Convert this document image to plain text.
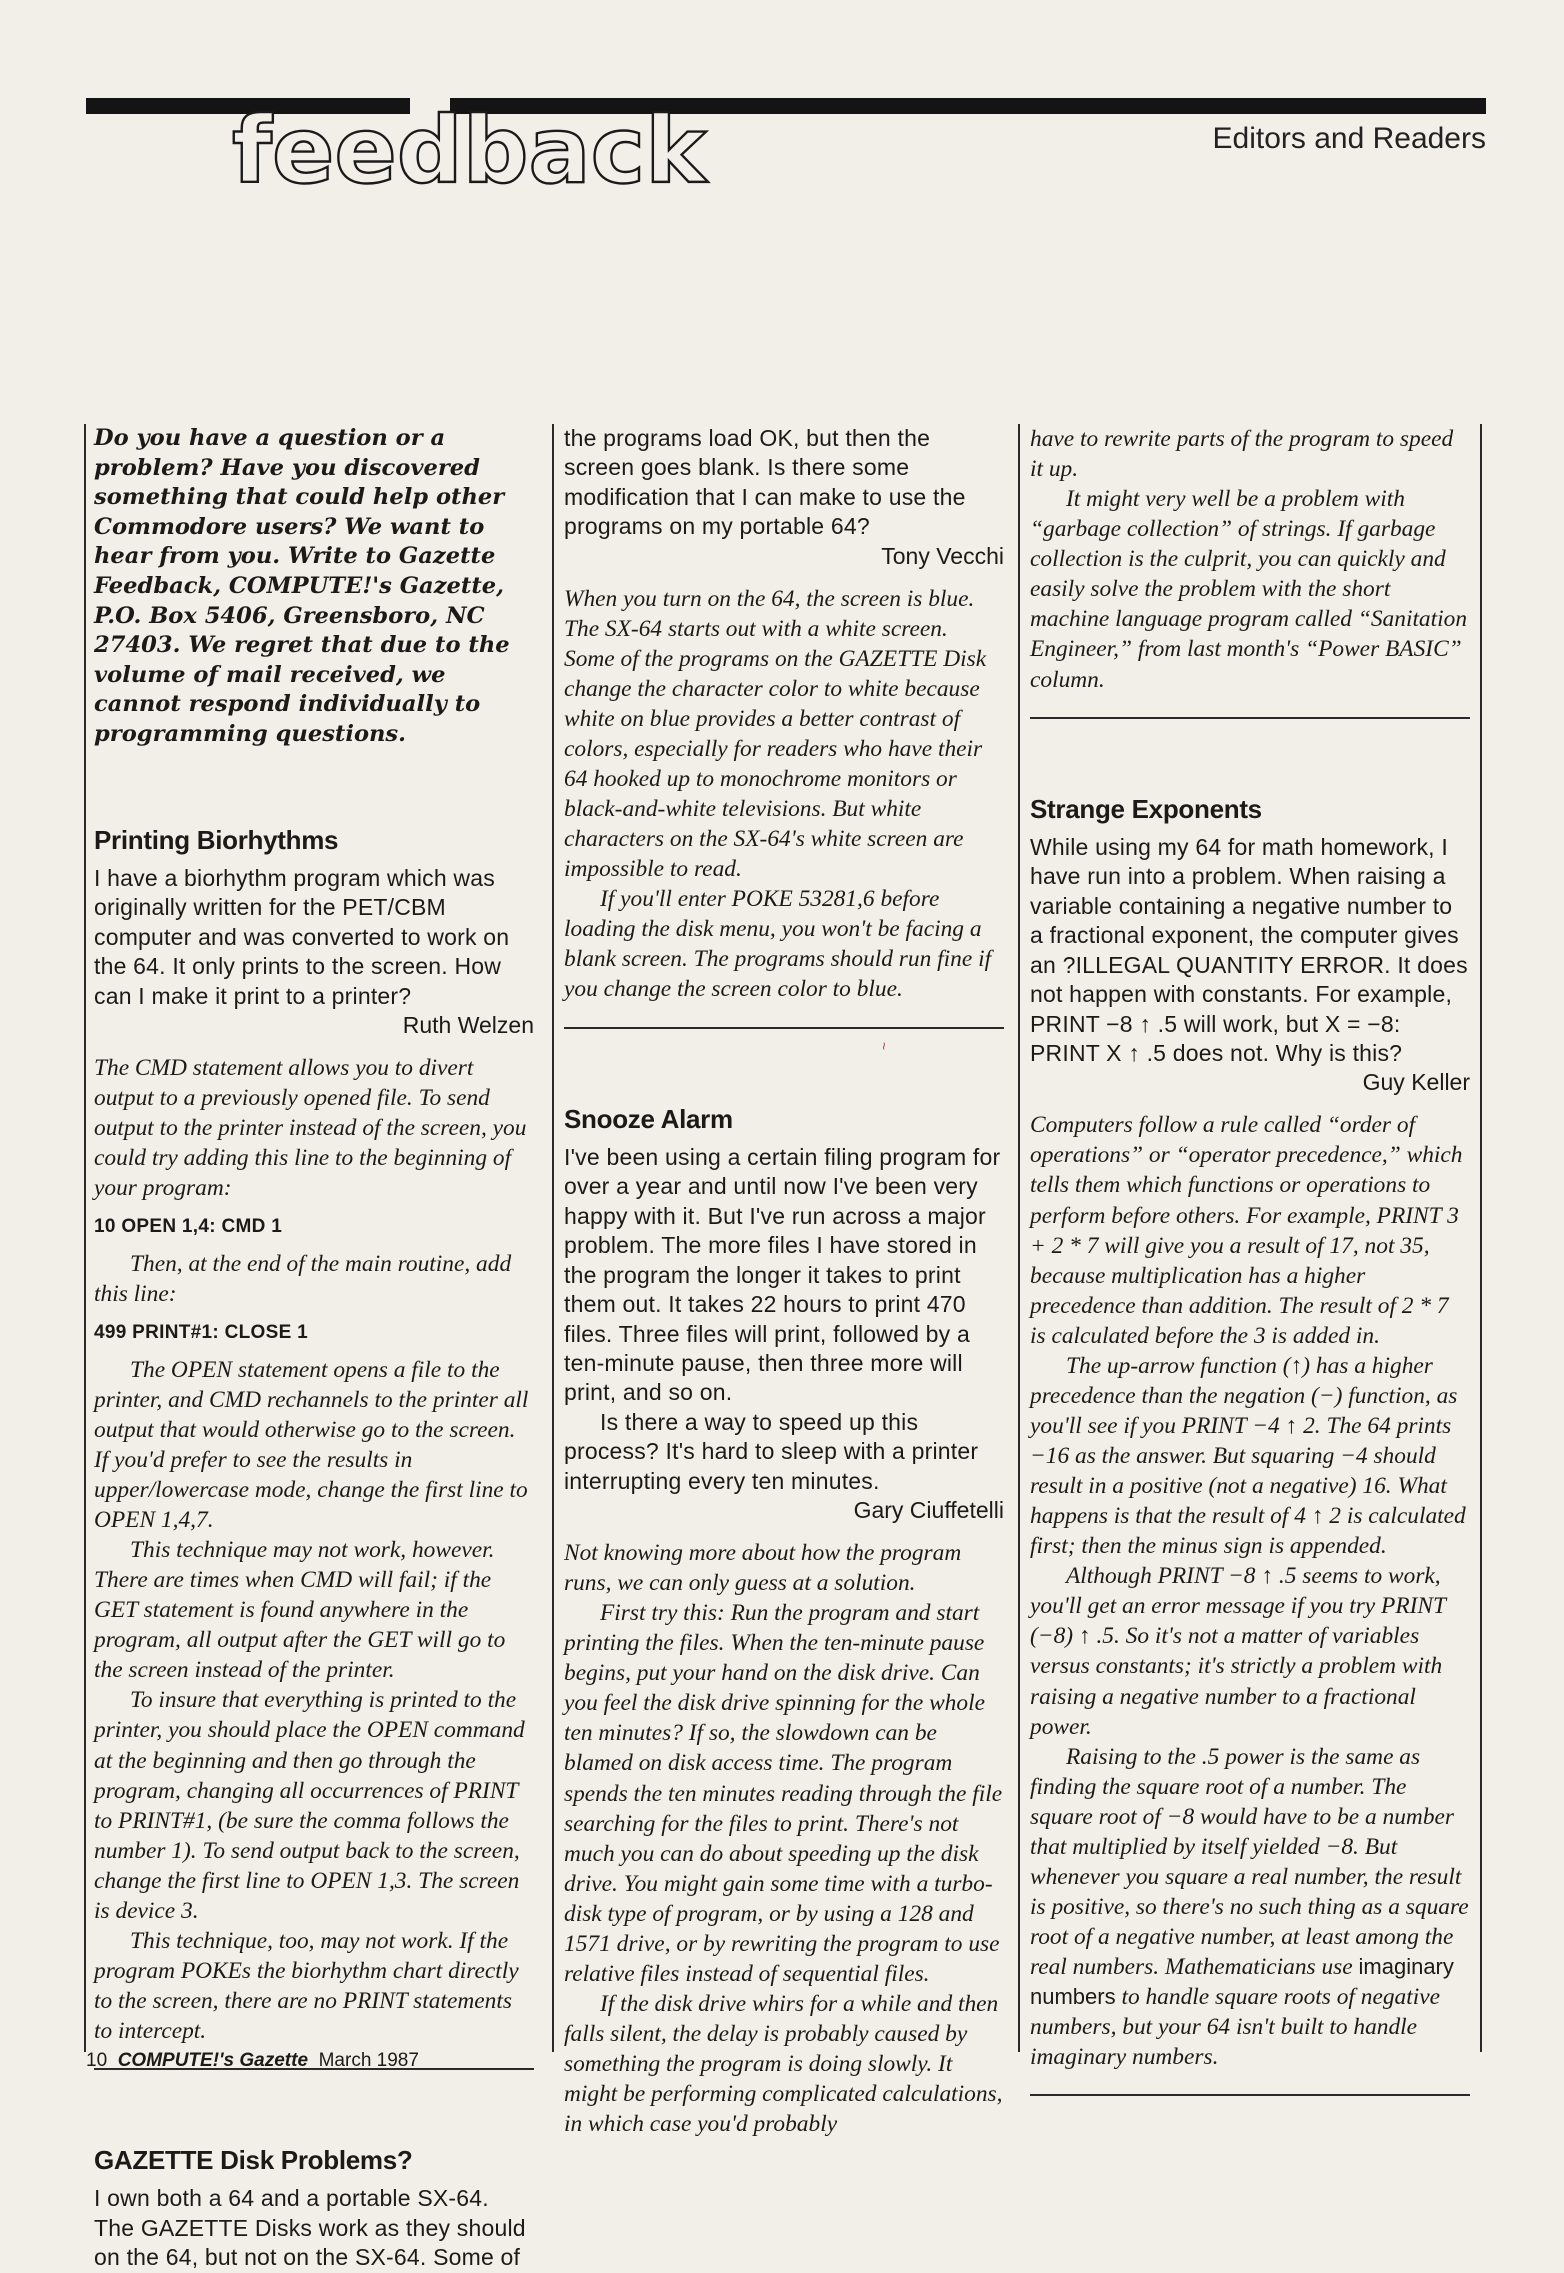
feedback	Editors and Readers

Do you have a question or a problem? Have you discovered something that could help other Commodore users? We want to hear from you. Write to Gazette Feedback, COMPUTE!'s Gazette, P.O. Box 5406, Greensboro, NC 27403. We regret that due to the volume of mail received, we cannot respond individually to programming questions.

Printing Biorhythms

I have a biorhythm program which was originally written for the PET/CBM computer and was converted to work on the 64. It only prints to the screen. How can I make it print to a printer?

Ruth Welzen

The CMD statement allows you to divert output to a previously opened file. To send output to the printer instead of the screen, you could try adding this line to the beginning of your program:

10 OPEN 1,4: CMD 1

Then, at the end of the main routine, add this line:

499 PRINT#1: CLOSE 1

The OPEN statement opens a file to the printer, and CMD rechannels to the printer all output that would otherwise go to the screen. If you'd prefer to see the results in upper/lowercase mode, change the first line to OPEN 1,4,7.

This technique may not work, however. There are times when CMD will fail; if the GET statement is found anywhere in the program, all output after the GET will go to the screen instead of the printer.

To insure that everything is printed to the printer, you should place the OPEN command at the beginning and then go through the program, changing all occurrences of PRINT to PRINT#1, (be sure the comma follows the number 1). To send output back to the screen, change the first line to OPEN 1,3. The screen is device 3.

This technique, too, may not work. If the program POKEs the biorhythm chart directly to the screen, there are no PRINT statements to intercept.

GAZETTE Disk Problems?

I own both a 64 and a portable SX-64. The GAZETTE Disks work as they should on the 64, but not on the SX-64. Some of

the programs load OK, but then the screen goes blank. Is there some modification that I can make to use the programs on my portable 64?

Tony Vecchi

When you turn on the 64, the screen is blue. The SX-64 starts out with a white screen. Some of the programs on the GAZETTE Disk change the character color to white because white on blue provides a better contrast of colors, especially for readers who have their 64 hooked up to monochrome monitors or black-and-white televisions. But white characters on the SX-64's white screen are impossible to read.

If you'll enter POKE 53281,6 before loading the disk menu, you won't be facing a blank screen. The programs should run fine if you change the screen color to blue.

Snooze Alarm

I've been using a certain filing program for over a year and until now I've been very happy with it. But I've run across a major problem. The more files I have stored in the program the longer it takes to print them out. It takes 22 hours to print 470 files. Three files will print, followed by a ten-minute pause, then three more will print, and so on.

Is there a way to speed up this process? It's hard to sleep with a printer interrupting every ten minutes.

Gary Ciuffetelli

Not knowing more about how the program runs, we can only guess at a solution.

First try this: Run the program and start printing the files. When the ten-minute pause begins, put your hand on the disk drive. Can you feel the disk drive spinning for the whole ten minutes? If so, the slowdown can be blamed on disk access time. The program spends the ten minutes reading through the file searching for the files to print. There's not much you can do about speeding up the disk drive. You might gain some time with a turbo-disk type of program, or by using a 128 and 1571 drive, or by rewriting the program to use relative files instead of sequential files.

If the disk drive whirs for a while and then falls silent, the delay is probably caused by something the program is doing slowly. It might be performing complicated calculations, in which case you'd probably

~

have to rewrite parts of the program to speed it up.

It might very well be a problem with “garbage collection” of strings. If garbage collection is the culprit, you can quickly and easily solve the problem with the short machine language program called “Sanitation Engineer,” from last month's “Power BASIC” column.

Strange Exponents

While using my 64 for math homework, I have run into a problem. When raising a variable containing a negative number to a fractional exponent, the computer gives an ?ILLEGAL QUANTITY ERROR. It does not happen with constants. For example, PRINT −8 ↑ .5 will work, but X = −8: PRINT X ↑ .5 does not. Why is this?

Guy Keller

Computers follow a rule called “order of operations” or “operator precedence,” which tells them which functions or operations to perform before others. For example, PRINT 3 + 2 * 7 will give you a result of 17, not 35, because multiplication has a higher precedence than addition. The result of 2 * 7 is calculated before the 3 is added in.

The up-arrow function (↑) has a higher precedence than the negation (−) function, as you'll see if you PRINT −4 ↑ 2. The 64 prints −16 as the answer. But squaring −4 should result in a positive (not a negative) 16. What happens is that the result of 4 ↑ 2 is calculated first; then the minus sign is appended.

Although PRINT −8 ↑ .5 seems to work, you'll get an error message if you try PRINT (−8) ↑ .5. So it's not a matter of variables versus constants; it's strictly a problem with raising a negative number to a fractional power.

Raising to the .5 power is the same as finding the square root of a number. The square root of −8 would have to be a number that multiplied by itself yielded −8. But whenever you square a real number, the result is positive, so there's no such thing as a square root of a negative number, at least among the real numbers. Mathematicians use imaginary numbers to handle square roots of negative numbers, but your 64 isn't built to handle imaginary numbers.

10 COMPUTE!'s Gazette March 1987
